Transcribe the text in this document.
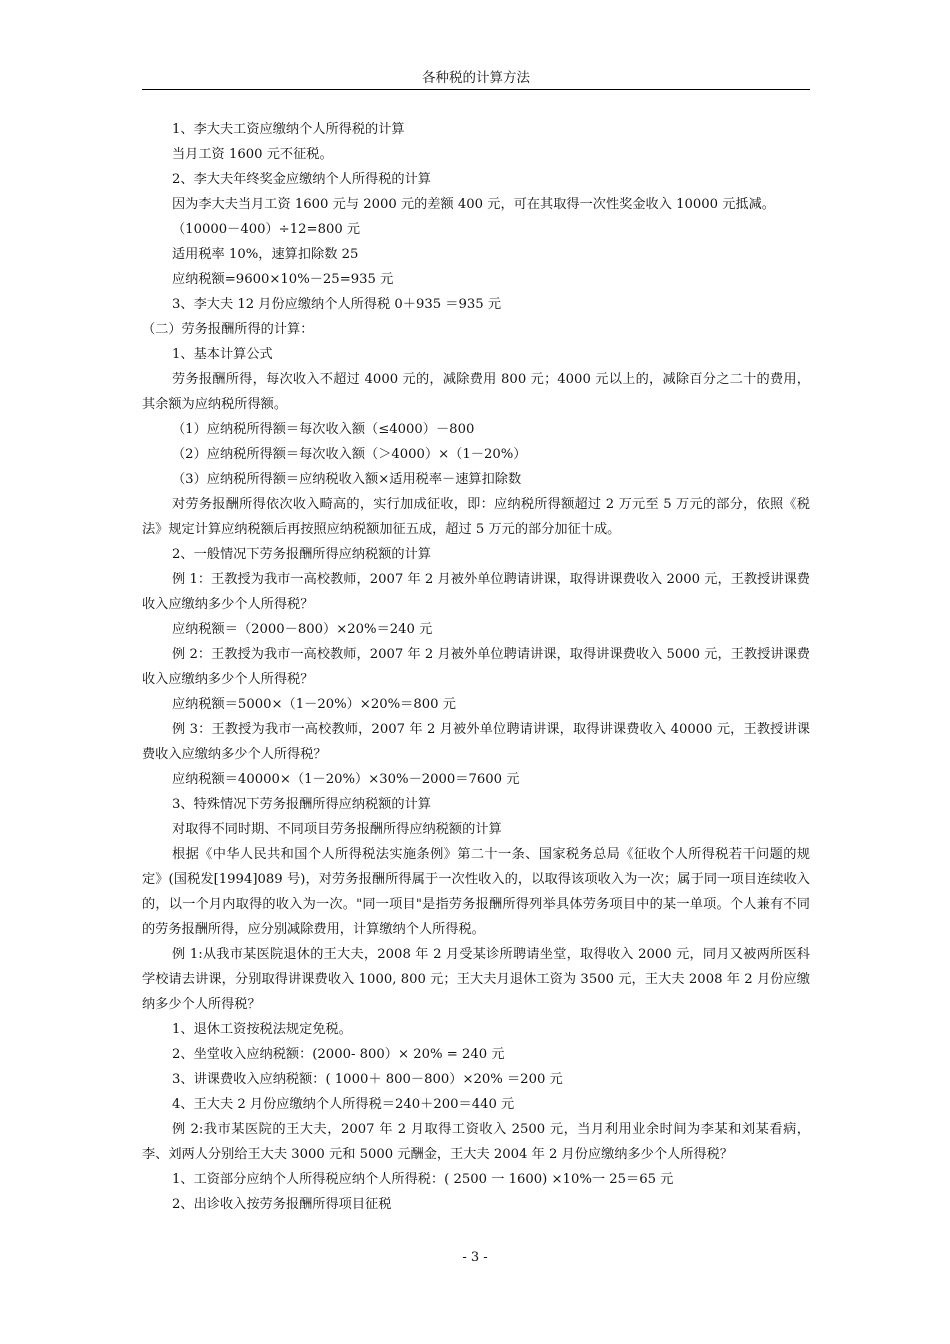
各种税的计算方法

1、李大夫工资应缴纳个人所得税的计算

当月工资 1600 元不征税。

2、李大夫年终奖金应缴纳个人所得税的计算

因为李大夫当月工资 1600 元与 2000 元的差额 400 元，可在其取得一次性奖金收入 10000 元抵减。

（10000－400）÷12=800 元

适用税率 10%，速算扣除数 25

应纳税额=9600×10%－25=935 元

3、李大夫 12 月份应缴纳个人所得税 0＋935 ＝935 元

（二）劳务报酬所得的计算：

1、基本计算公式

劳务报酬所得，每次收入不超过 4000 元的，减除费用 800 元；4000 元以上的，减除百分之二十的费用，其余额为应纳税所得额。

（1）应纳税所得额＝每次收入额（≤4000）－800

（2）应纳税所得额＝每次收入额（＞4000）×（1－20%）

（3）应纳税所得额＝应纳税收入额×适用税率－速算扣除数

对劳务报酬所得依次收入畸高的，实行加成征收，即：应纳税所得额超过 2 万元至 5 万元的部分，依照《税法》规定计算应纳税额后再按照应纳税额加征五成，超过 5 万元的部分加征十成。

2、一般情况下劳务报酬所得应纳税额的计算

例 1：王教授为我市一高校教师，2007 年 2 月被外单位聘请讲课，取得讲课费收入 2000 元，王教授讲课费收入应缴纳多少个人所得税？

应纳税额＝（2000－800）×20%＝240 元

例 2：王教授为我市一高校教师，2007 年 2 月被外单位聘请讲课，取得讲课费收入 5000 元，王教授讲课费收入应缴纳多少个人所得税？

应纳税额＝5000×（1－20%）×20%＝800 元

例 3：王教授为我市一高校教师，2007 年 2 月被外单位聘请讲课，取得讲课费收入 40000 元，王教授讲课费收入应缴纳多少个人所得税？

应纳税额＝40000×（1－20%）×30%－2000＝7600 元

3、特殊情况下劳务报酬所得应纳税额的计算

对取得不同时期、不同项目劳务报酬所得应纳税额的计算

根据《中华人民共和国个人所得税法实施条例》第二十一条、国家税务总局《征收个人所得税若干问题的规定》(国税发[1994]089 号)，对劳务报酬所得属于一次性收入的，以取得该项收入为一次；属于同一项目连续收入的，以一个月内取得的收入为一次。"同一项目"是指劳务报酬所得列举具体劳务项目中的某一单项。个人兼有不同的劳务报酬所得，应分别减除费用，计算缴纳个人所得税。

例 1:从我市某医院退休的王大夫，2008 年 2 月受某诊所聘请坐堂，取得收入 2000 元，同月又被两所医科学校请去讲课，分别取得讲课费收入 1000, 800 元；王大夫月退休工资为 3500 元，王大夫 2008 年 2 月份应缴纳多少个人所得税？

1、退休工资按税法规定免税。

2、坐堂收入应纳税额：(2000- 800）× 20% = 240 元

3、讲课费收入应纳税额：( 1000＋ 800－800）×20% ＝200 元

4、王大夫 2 月份应缴纳个人所得税＝240＋200＝440 元

例 2:我市某医院的王大夫，2007 年 2 月取得工资收入 2500 元，当月利用业余时间为李某和刘某看病，李、刘两人分别给王大夫 3000 元和 5000 元酬金，王大夫 2004 年 2 月份应缴纳多少个人所得税？

1、工资部分应纳个人所得税应纳个人所得税：( 2500 一 1600) ×10%一 25＝65 元

2、出诊收入按劳务报酬所得项目征税

- 3 -
